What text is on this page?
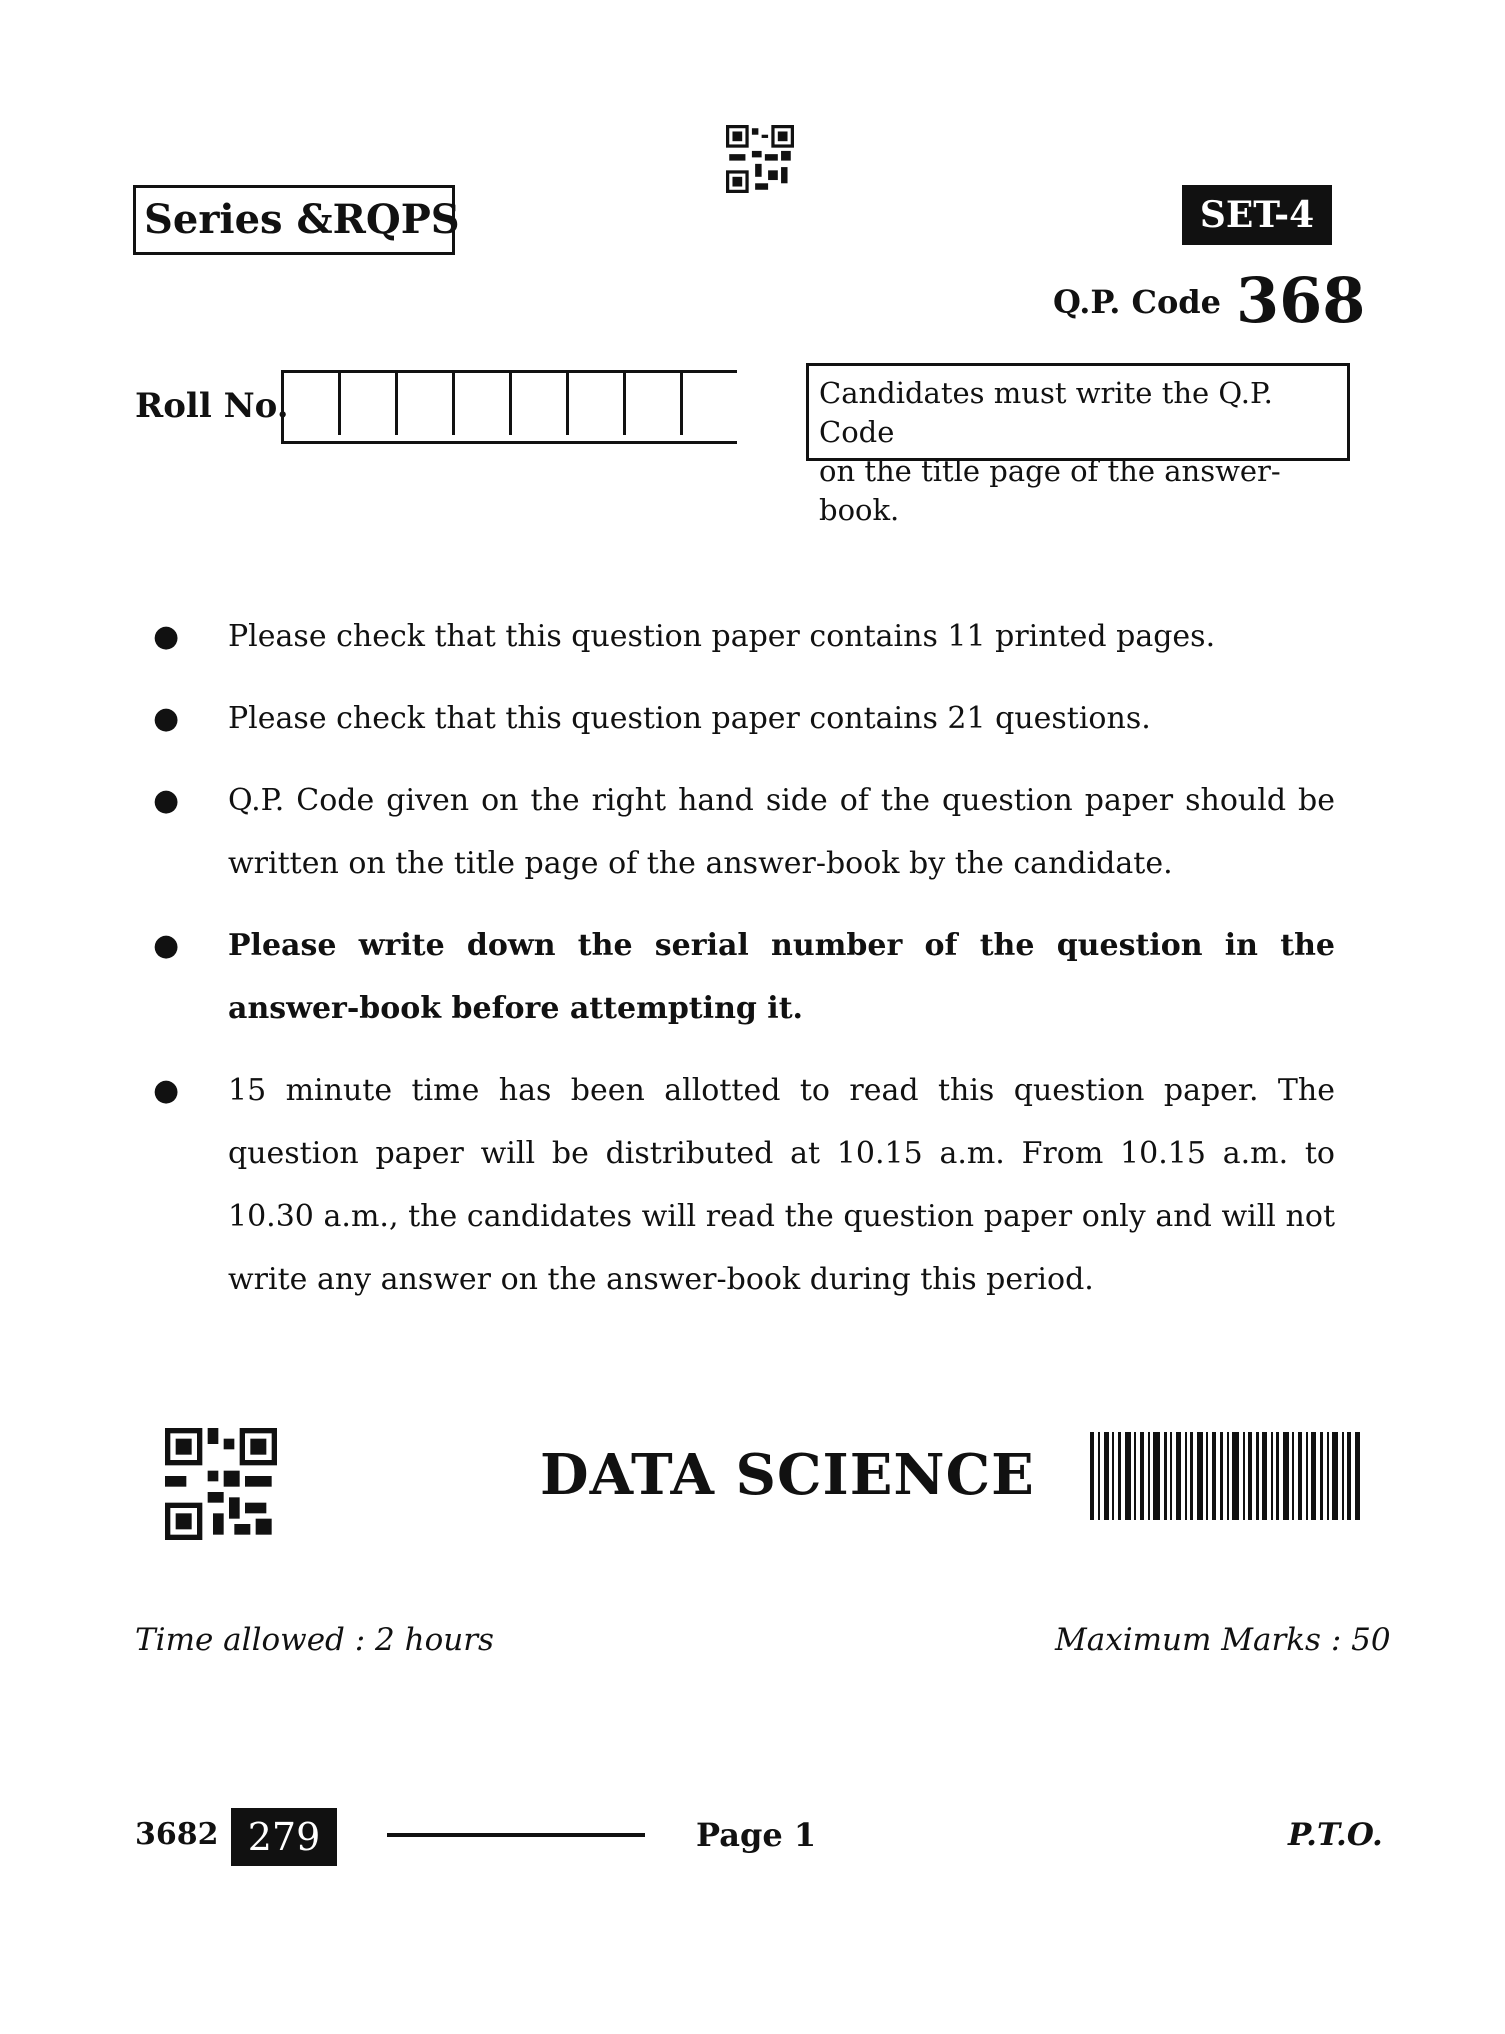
Series &RQPS	SET-4
Q.P. Code 368
Roll No.	Candidates must write the Q.P. Code
on the title page of the answer-book.
● Please check that this question paper contains 11 printed pages.
● Please check that this question paper contains 21 questions.
● Q.P. Code given on the right hand side of the question paper should be written on the title page of the answer-book by the candidate.
● Please write down the serial number of the question in the answer-book before attempting it.
● 15 minute time has been allotted to read this question paper. The question paper will be distributed at 10.15 a.m. From 10.15 a.m. to 10.30 a.m., the candidates will read the question paper only and will not write any answer on the answer-book during this period.
DATA SCIENCE
Time allowed : 2 hours	Maximum Marks : 50
3682 279	Page 1	P.T.O.
